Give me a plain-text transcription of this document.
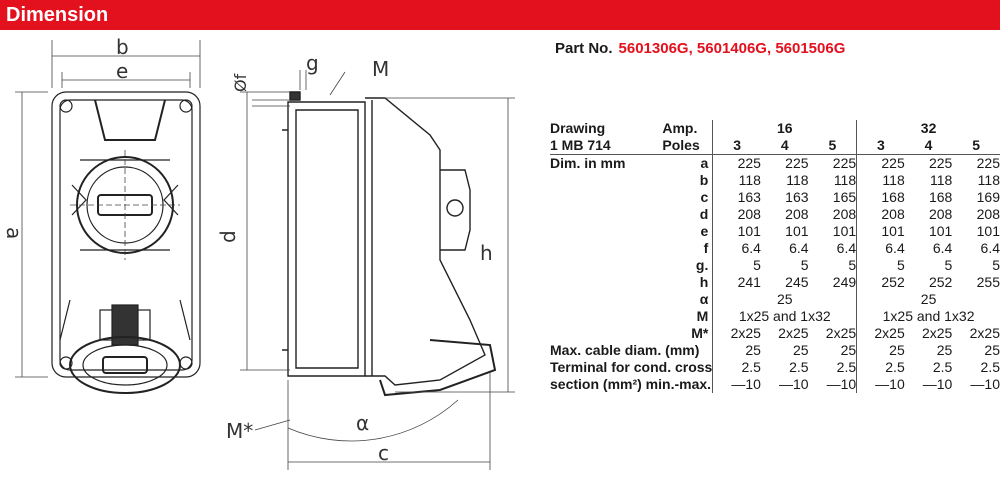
Dimension
b
e
a	d
Øf
g	M
h
c
α
M*
Part No. 5601306G, 5601406G, 5601506G
Drawing	Amp.	16			32		
1 MB 714	Poles	3	4	5	3	4	5
Dim. in mm	a	225	225	225	225	225	225
	b	118	118	118	118	118	118
	c	163	163	165	168	168	169
	d	208	208	208	208	208	208
	e	101	101	101	101	101	101
	f	6.4	6.4	6.4	6.4	6.4	6.4
	g.	5	5	5	5	5	5
	h	241	245	249	252	252	255
	α	25			25		
	M	1x25 and 1x32			1x25 and 1x32		
	M*	2x25	2x25	2x25	2x25	2x25	2x25
Max. cable diam. (mm)		25	25	25	25	25	25
Terminal for cond. cross		2.5	2.5	2.5	2.5	2.5	2.5
section (mm²) min.-max.		—10	—10	—10	—10	—10	—10
